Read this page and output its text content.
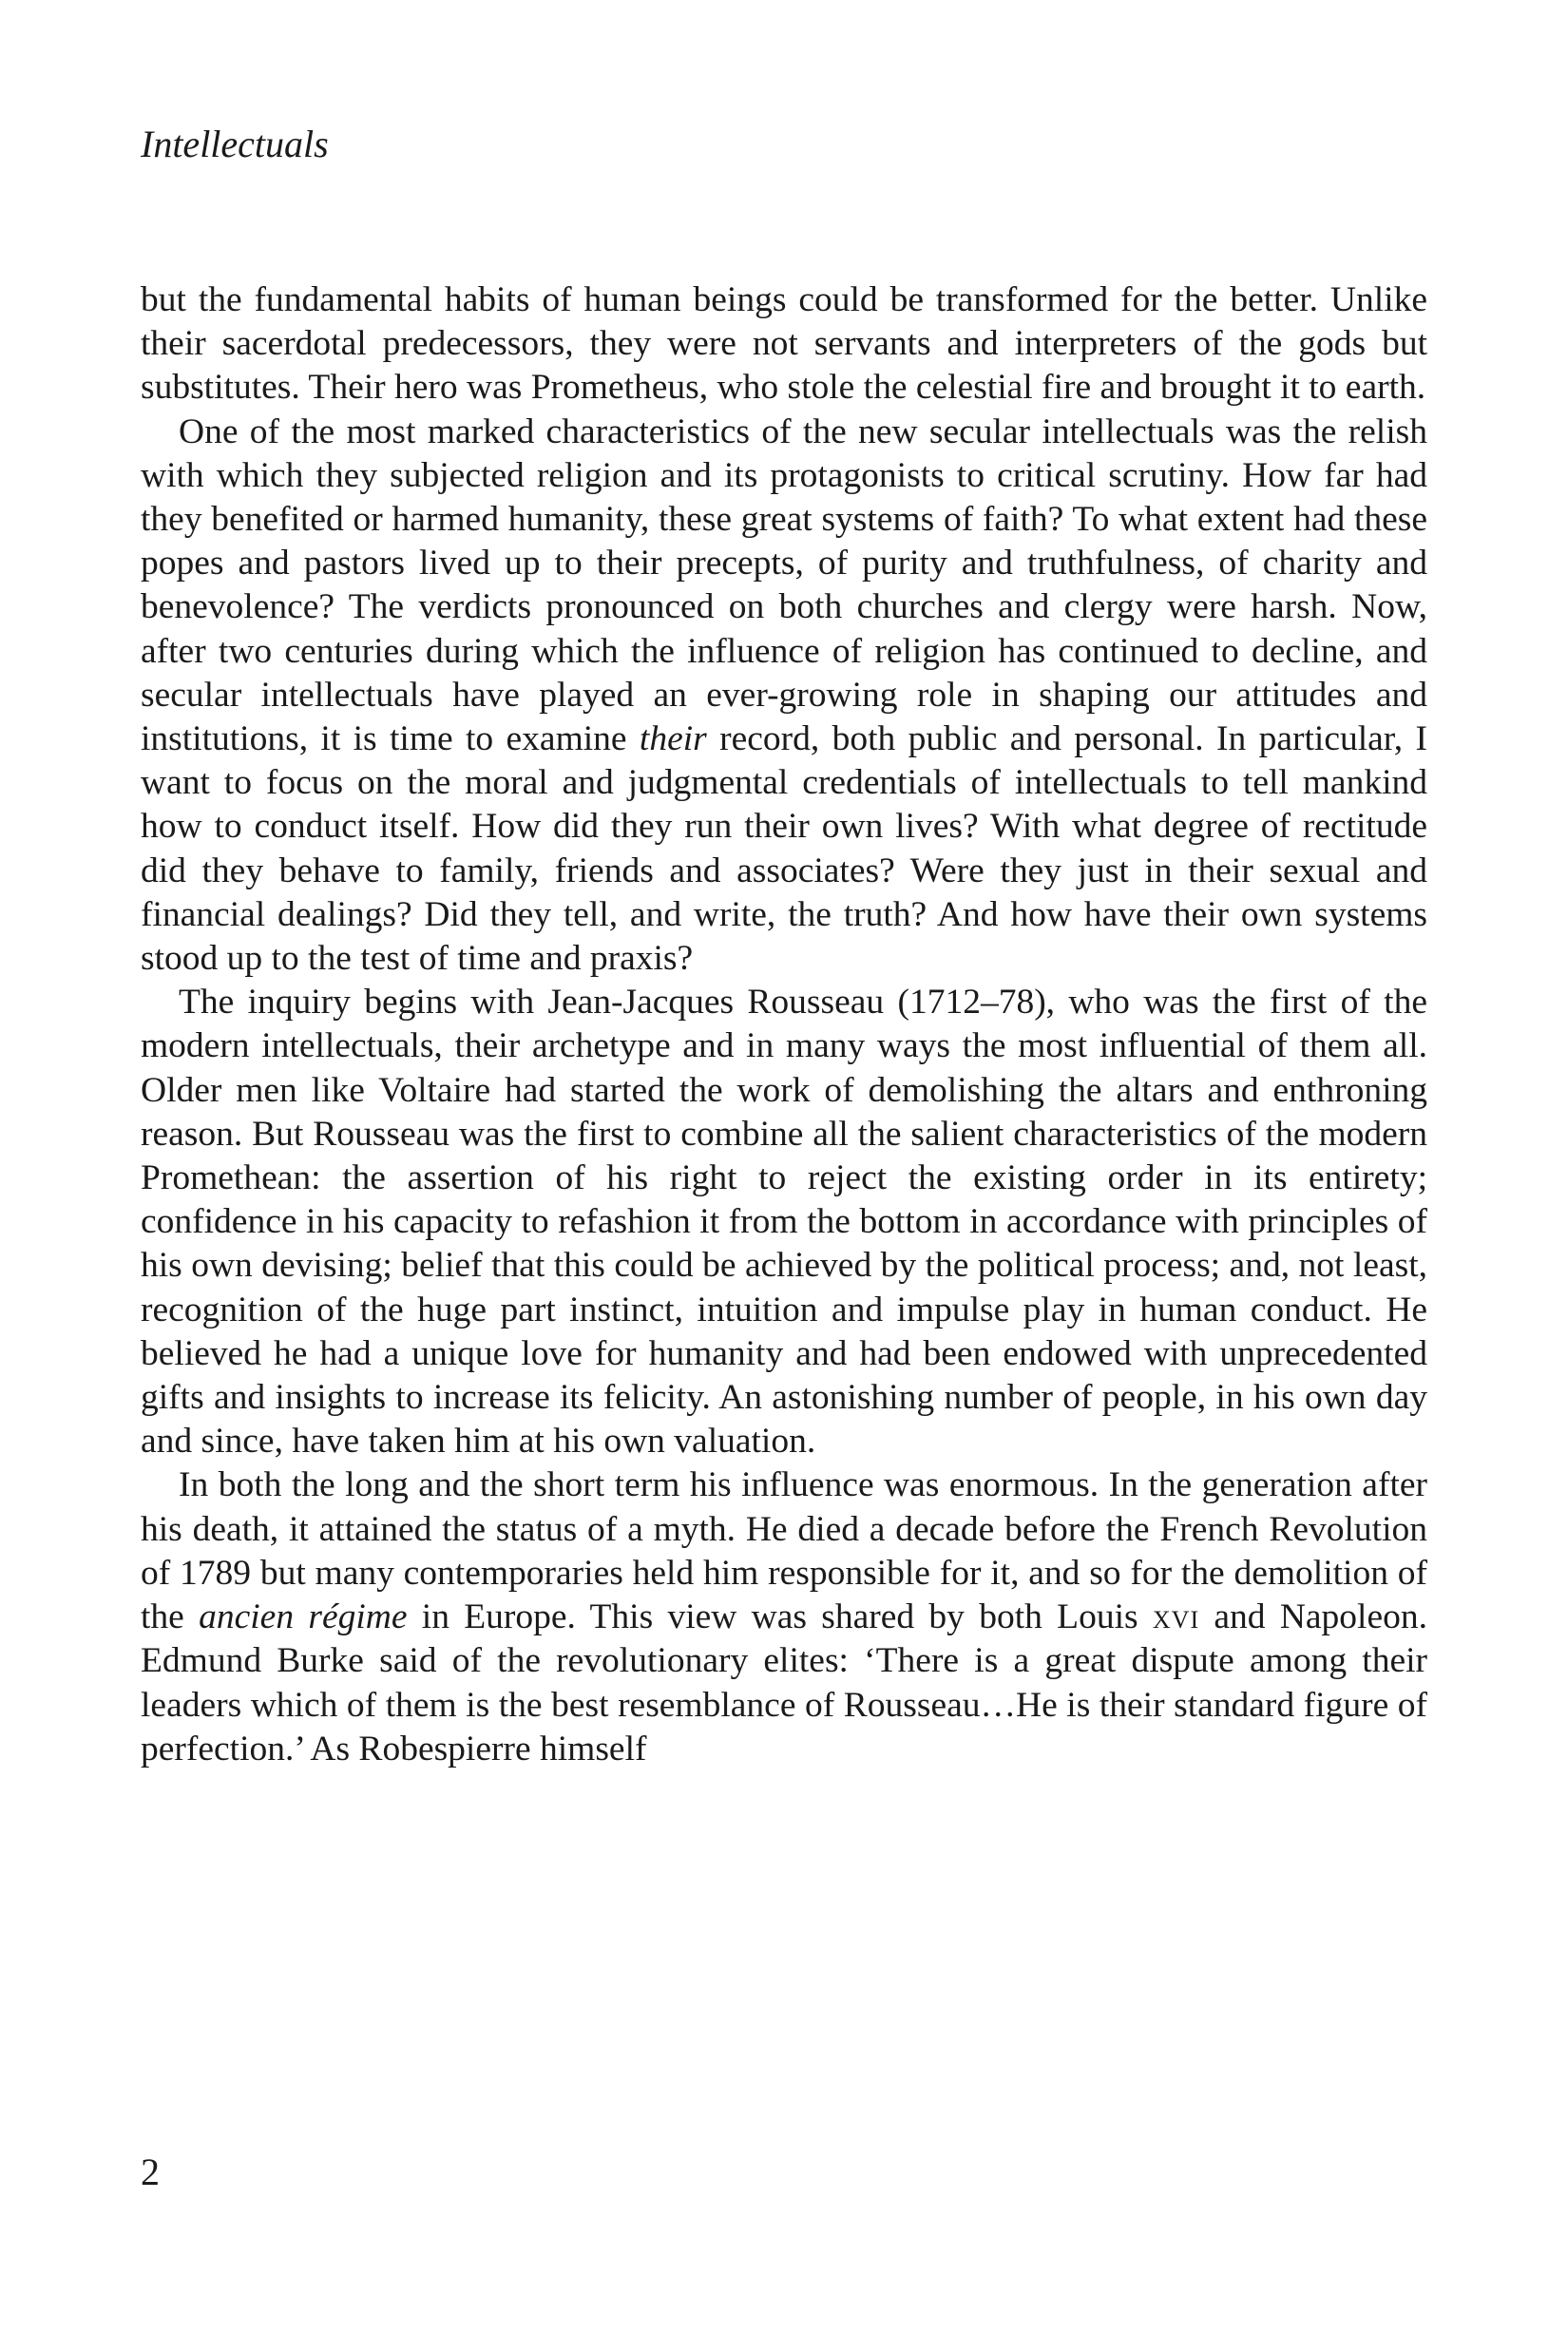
Intellectuals

but the fundamental habits of human beings could be transformed for the better. Unlike their sacerdotal predecessors, they were not servants and interpreters of the gods but substitutes. Their hero was Prometheus, who stole the celestial fire and brought it to earth.

One of the most marked characteristics of the new secular intellectuals was the relish with which they subjected religion and its protagonists to critical scrutiny. How far had they benefited or harmed humanity, these great systems of faith? To what extent had these popes and pastors lived up to their precepts, of purity and truthfulness, of charity and benevolence? The verdicts pronounced on both churches and clergy were harsh. Now, after two centuries during which the influence of religion has continued to decline, and secular intellectuals have played an ever-growing role in shaping our attitudes and institutions, it is time to examine their record, both public and personal. In particular, I want to focus on the moral and judgmental credentials of intellectuals to tell mankind how to conduct itself. How did they run their own lives? With what degree of rectitude did they behave to family, friends and associates? Were they just in their sexual and financial dealings? Did they tell, and write, the truth? And how have their own systems stood up to the test of time and praxis?

The inquiry begins with Jean-Jacques Rousseau (1712–78), who was the first of the modern intellectuals, their archetype and in many ways the most influential of them all. Older men like Voltaire had started the work of demolishing the altars and enthroning reason. But Rousseau was the first to combine all the salient characteristics of the modern Promethean: the assertion of his right to reject the existing order in its entirety; confidence in his capacity to refashion it from the bottom in accordance with principles of his own devising; belief that this could be achieved by the political process; and, not least, recognition of the huge part instinct, intuition and impulse play in human conduct. He believed he had a unique love for humanity and had been endowed with unprecedented gifts and insights to increase its felicity. An astonishing number of people, in his own day and since, have taken him at his own valuation.

In both the long and the short term his influence was enormous. In the generation after his death, it attained the status of a myth. He died a decade before the French Revolution of 1789 but many contemporaries held him responsible for it, and so for the demolition of the ancien régime in Europe. This view was shared by both Louis xvi and Napoleon. Edmund Burke said of the revolutionary elites: ‘There is a great dispute among their leaders which of them is the best resemblance of Rousseau…He is their standard figure of perfection.’ As Robespierre himself

2
